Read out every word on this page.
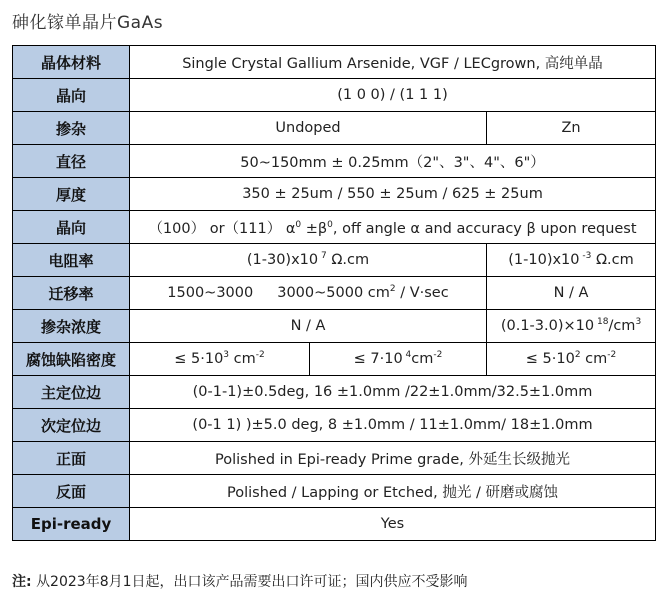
砷化镓单晶片GaAs
晶体材料	Single Crystal Gallium Arsenide, VGF / LECgrown, 高纯单晶			
晶向	(1 0 0) / (1 1 1)			
掺杂	Undoped		Zn	
直径	50~150mm ± 0.25mm（2"、3"、4"、6"）			
厚度	350 ± 25um / 550 ± 25um / 625 ± 25um			
晶向	（100） or（111） $\alpha^0 \pm\beta^0$, off angle α and accuracy β upon request			
电阻率	(1-30)x10 $^7$ Ω.cm		(1-10)x10 $^{-3}$ Ω.cm	
迁移率	1500~3000 3000~5000 $cm^2 / V\cdot\sec$		N / A	
掺杂浓度	N / A		(0.1-3.0)×10 $^{18}/cm^3$
腐蚀缺陷密度	≤ $5\cdot 10^3$ $cm^{-2}$	≤ 7·10 $^4cm^{-2}$	≤ $5\cdot 10^2$ $cm^{-2}$
主定位边	(0-1-1)±0.5deg, 16 ±1.0mm /22±1.0mm/32.5±1.0mm			
次定位边	(0-1 1) )±5.0 deg, 8 ±1.0mm / 11±1.0mm/ 18±1.0mm			
正面	Polished in Epi-ready Prime grade, 外延生长级抛光			
反面	Polished / Lapping or Etched, 抛光 / 研磨或腐蚀			
Epi-ready	Yes			
注: 从2023年8月1日起，出口该产品需要出口许可证；国内供应不受影响
